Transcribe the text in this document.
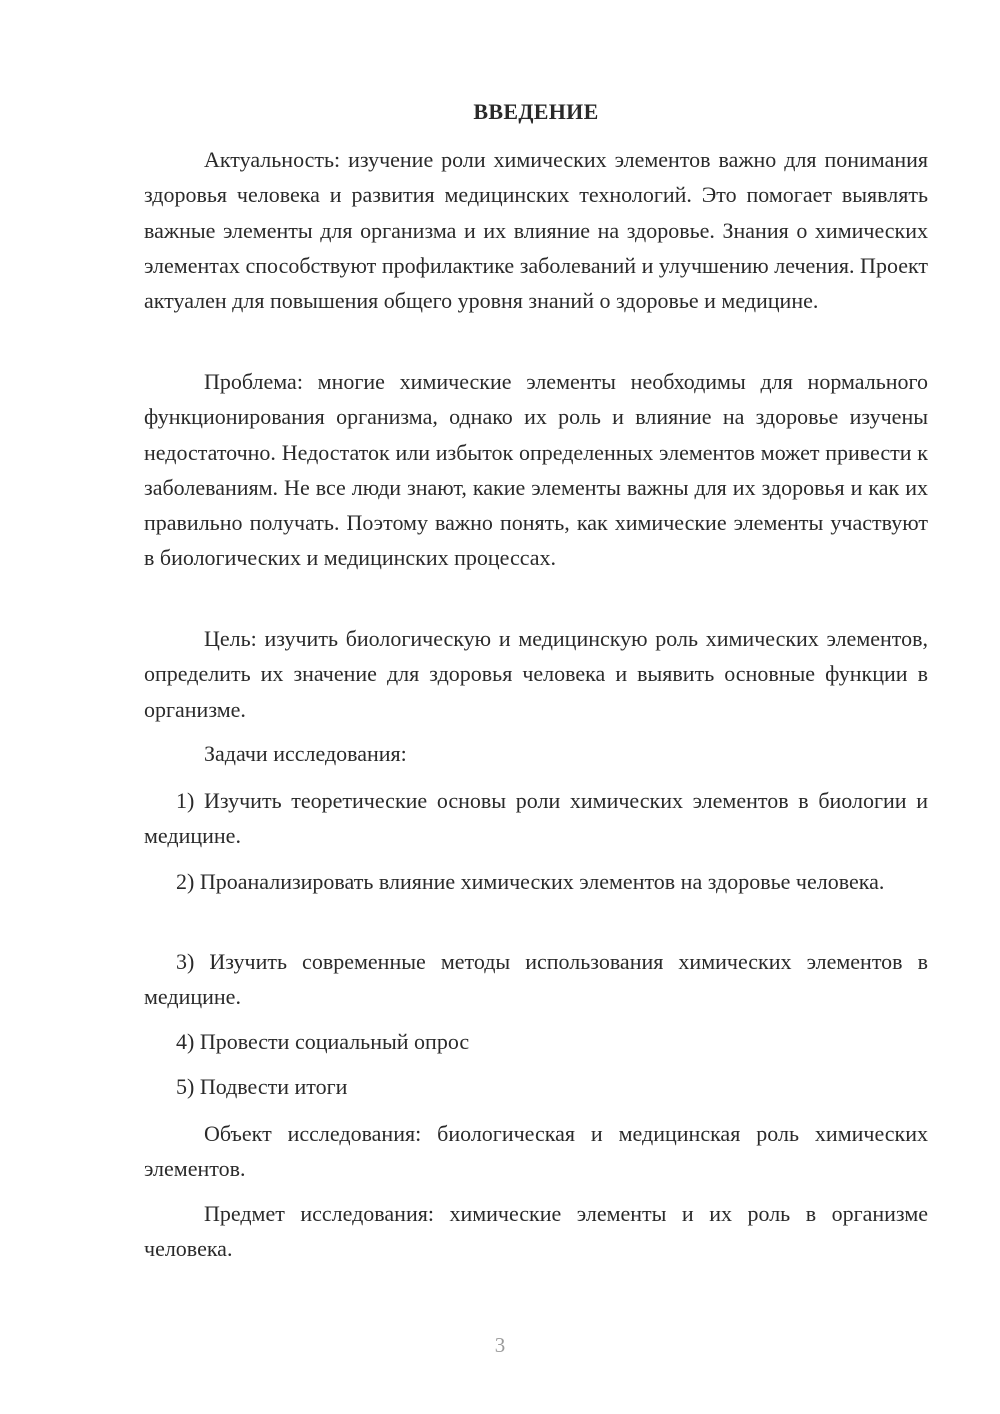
ВВЕДЕНИЕ

Актуальность: изучение роли химических элементов важно для понимания здоровья человека и развития медицинских технологий. Это помогает выявлять важные элементы для организма и их влияние на здоровье. Знания о химических элементах способствуют профилактике заболеваний и улучшению лечения. Проект актуален для повышения общего уровня знаний о здоровье и медицине.

Проблема: многие химические элементы необходимы для нормального функционирования организма, однако их роль и влияние на здоровье изучены недостаточно. Недостаток или избыток определенных элементов может привести к заболеваниям. Не все люди знают, какие элементы важны для их здоровья и как их правильно получать. Поэтому важно понять, как химические элементы участвуют в биологических и медицинских процессах.

Цель: изучить биологическую и медицинскую роль химических элементов, определить их значение для здоровья человека и выявить основные функции в организме.

Задачи исследования:

1) Изучить теоретические основы роли химических элементов в биологии и медицине.

2) Проанализировать влияние химических элементов на здоровье человека.

3) Изучить современные методы использования химических элементов в медицине.

4) Провести социальный опрос

5) Подвести итоги

Объект исследования: биологическая и медицинская роль химических элементов.

Предмет исследования: химические элементы и их роль в организме человека.

3
